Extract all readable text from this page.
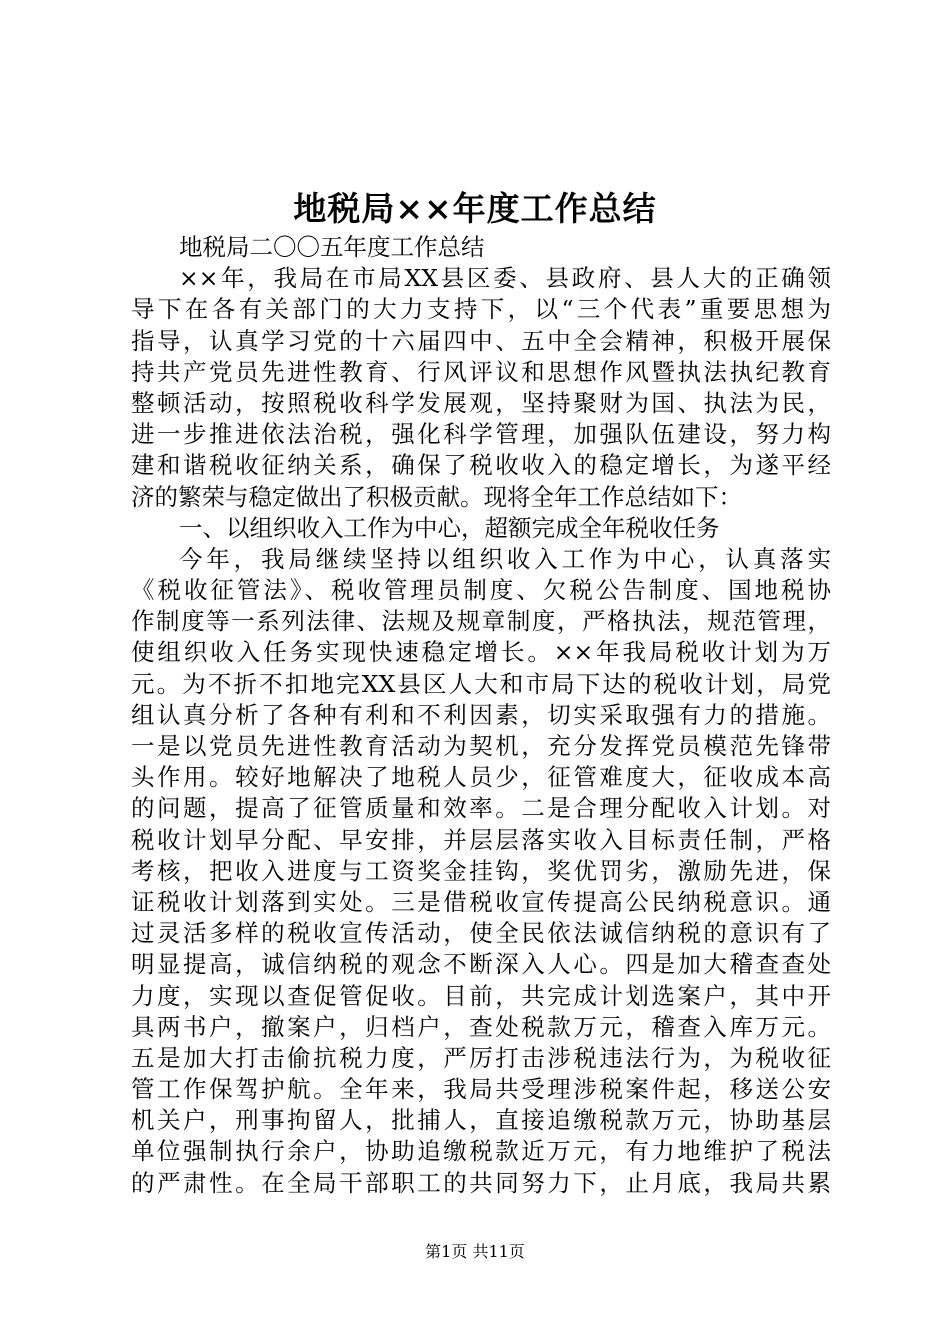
地税局××年度工作总结
地税局二〇〇五年度工作总结
××年，我局在市局XX县区委、县政府、县人大的正确领
导下在各有关部门的大力支持下，以“三个代表”重要思想为
指导，认真学习党的十六届四中、五中全会精神，积极开展保
持共产党员先进性教育、行风评议和思想作风暨执法执纪教育
整顿活动，按照税收科学发展观，坚持聚财为国、执法为民，
进一步推进依法治税，强化科学管理，加强队伍建设，努力构
建和谐税收征纳关系，确保了税收收入的稳定增长，为遂平经
济的繁荣与稳定做出了积极贡献。现将全年工作总结如下：
一、以组织收入工作为中心，超额完成全年税收任务
今年，我局继续坚持以组织收入工作为中心，认真落实
《税收征管法》、税收管理员制度、欠税公告制度、国地税协
作制度等一系列法律、法规及规章制度，严格执法，规范管理，
使组织收入任务实现快速稳定增长。××年我局税收计划为万
元。为不折不扣地完XX县区人大和市局下达的税收计划，局党
组认真分析了各种有利和不利因素，切实采取强有力的措施。
一是以党员先进性教育活动为契机，充分发挥党员模范先锋带
头作用。较好地解决了地税人员少，征管难度大，征收成本高
的问题，提高了征管质量和效率。二是合理分配收入计划。对
税收计划早分配、早安排，并层层落实收入目标责任制，严格
考核，把收入进度与工资奖金挂钩，奖优罚劣，激励先进，保
证税收计划落到实处。三是借税收宣传提高公民纳税意识。通
过灵活多样的税收宣传活动，使全民依法诚信纳税的意识有了
明显提高，诚信纳税的观念不断深入人心。四是加大稽查查处
力度，实现以查促管促收。目前，共完成计划选案户，其中开
具两书户，撤案户，归档户，查处税款万元，稽查入库万元。
五是加大打击偷抗税力度，严厉打击涉税违法行为，为税收征
管工作保驾护航。全年来，我局共受理涉税案件起，移送公安
机关户，刑事拘留人，批捕人，直接追缴税款万元，协助基层
单位强制执行余户，协助追缴税款近万元，有力地维护了税法
的严肃性。在全局干部职工的共同努力下，止月底，我局共累
第1页 共11页
